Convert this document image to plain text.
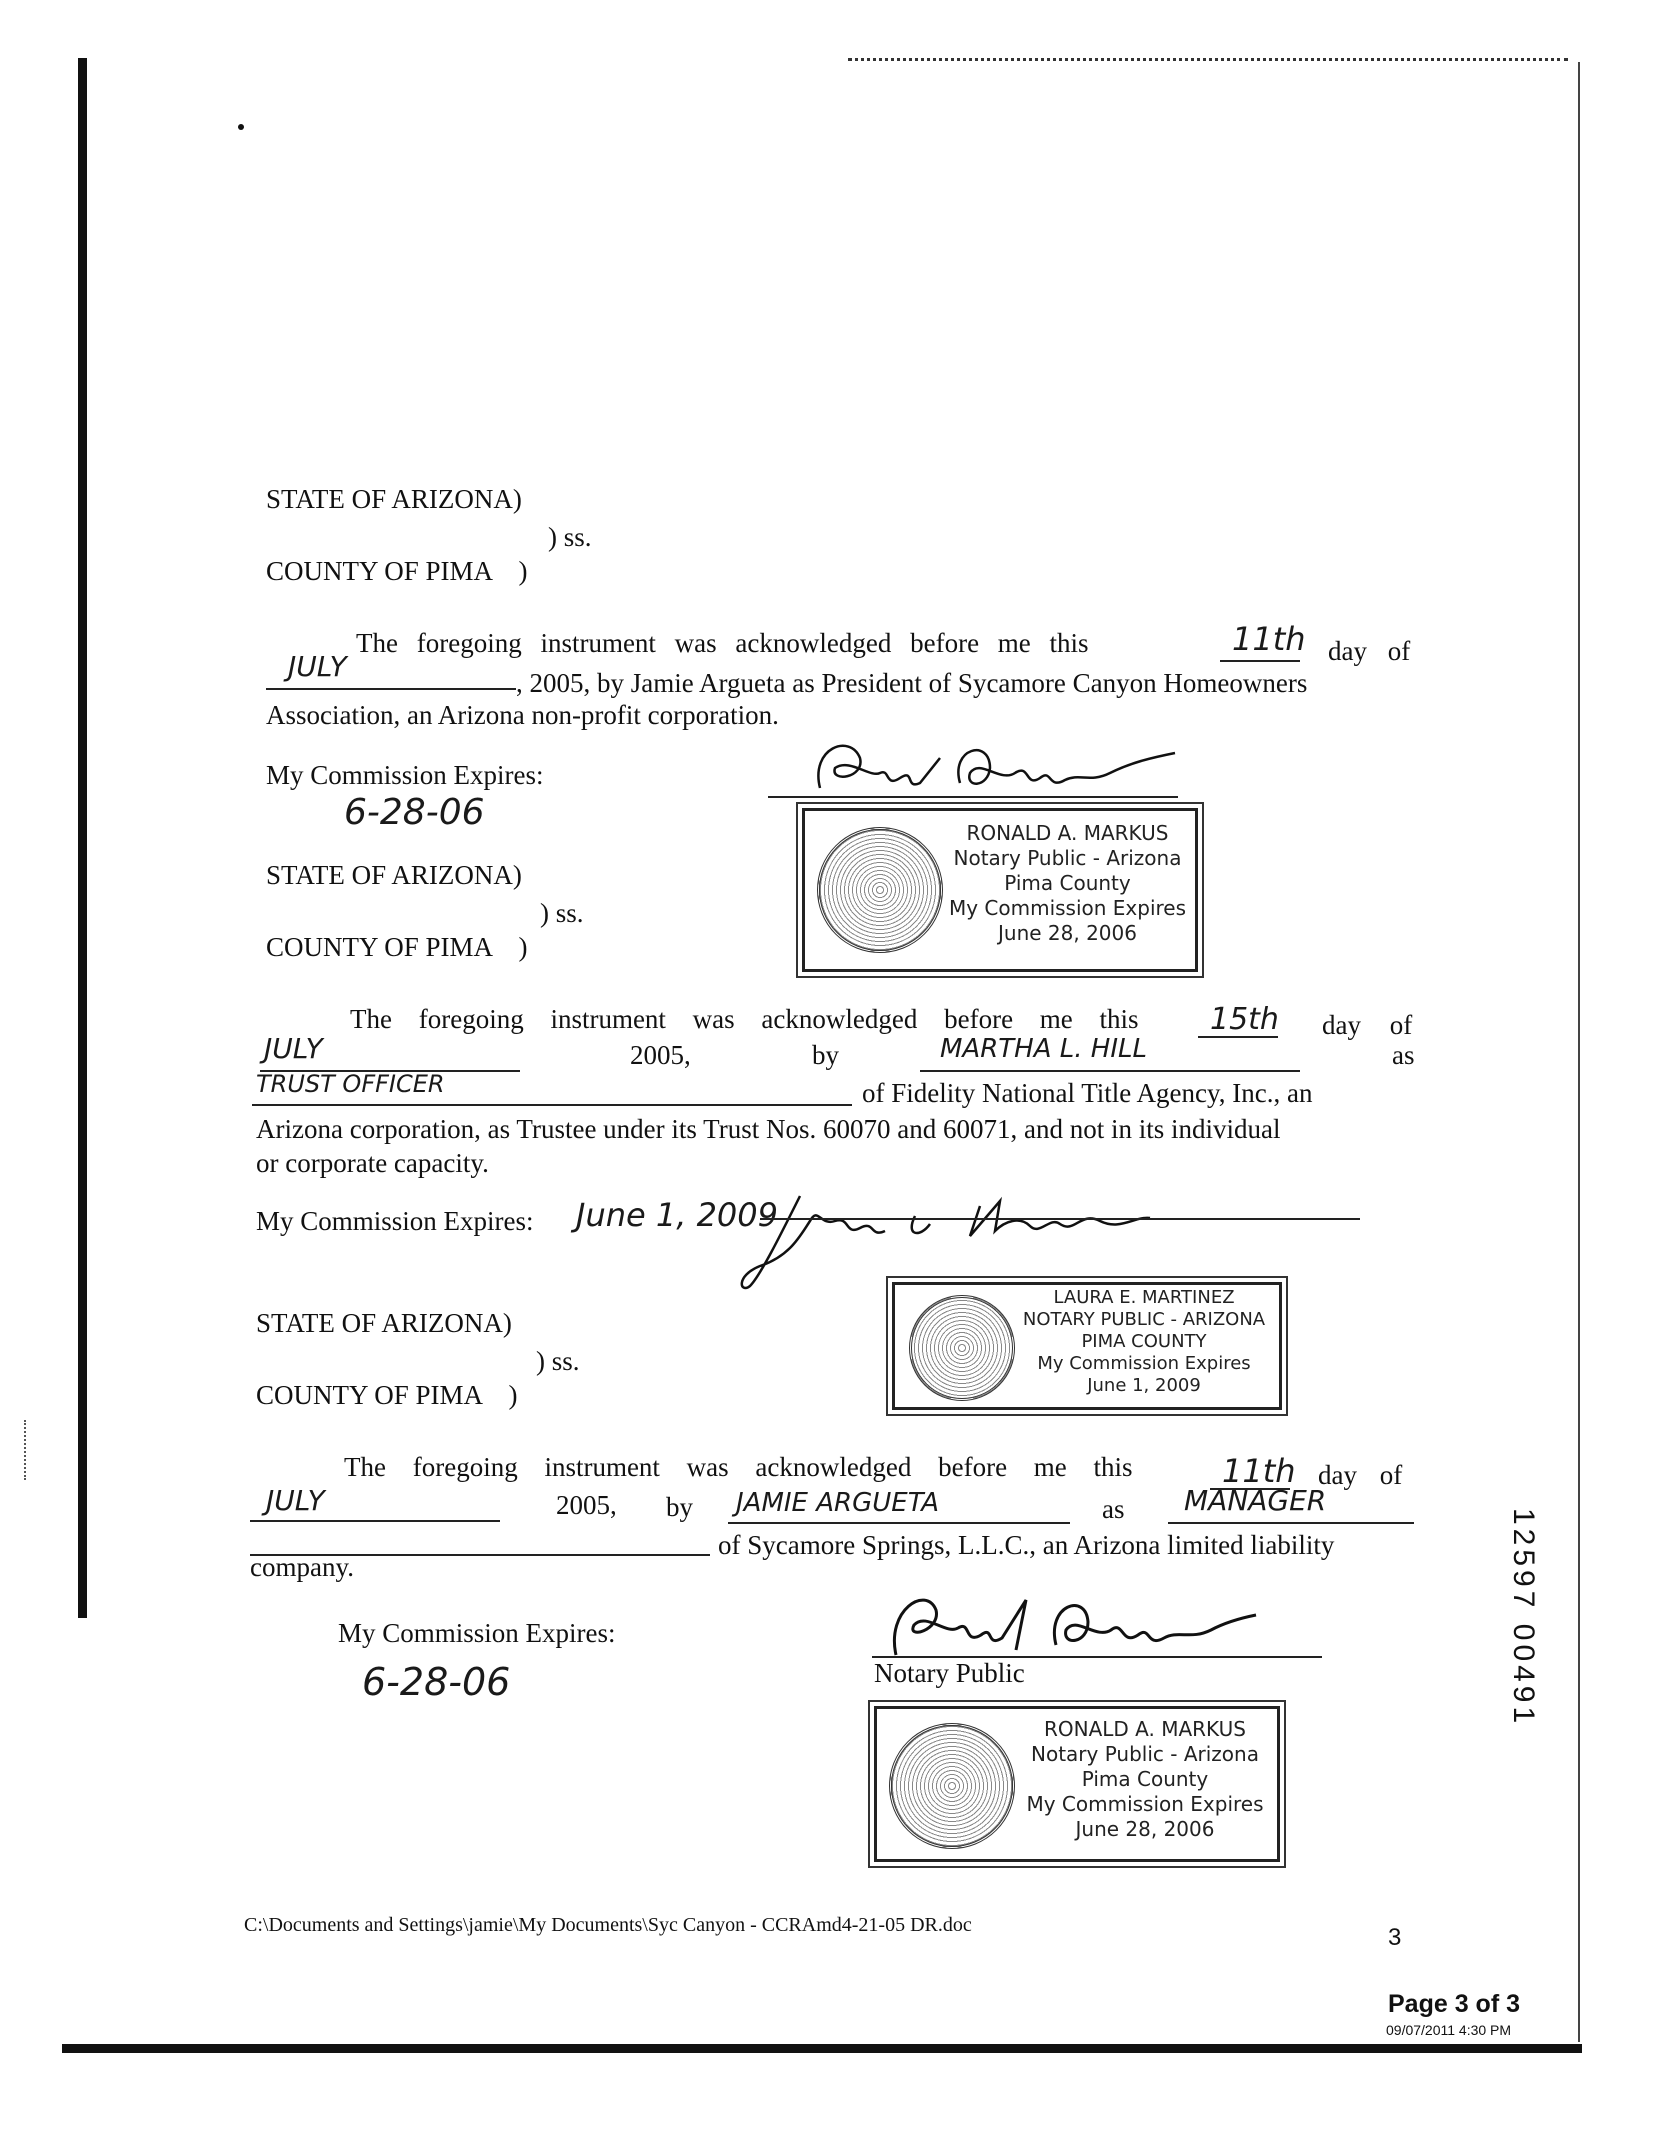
STATE OF ARIZONA)
) ss.
COUNTY OF PIMA    )
The foregoing instrument was acknowledged before me this	11th day of
JULY	, 2005, by Jamie Argueta as President of Sycamore Canyon Homeowners
Association, an Arizona non-profit corporation.
My Commission Expires:
6-28-06	RONALD A. MARKUS
Notary Public - Arizona
Pima County
My Commission Expires
June 28, 2006
STATE OF ARIZONA)
) ss.
COUNTY OF PIMA    )
The foregoing instrument was acknowledged before me this 15th day of
JULY	2005,	by	MARTHA L. HILL	as
TRUST OFFICER	of Fidelity National Title Agency, Inc., an
Arizona corporation, as Trustee under its Trust Nos. 60070 and 60071, and not in its individual
or corporate capacity.
My Commission Expires: June 1, 2009
LAURA E. MARTINEZ
NOTARY PUBLIC - ARIZONA
PIMA COUNTY
My Commission Expires
June 1, 2009
STATE OF ARIZONA)
) ss.
COUNTY OF PIMA    )
The foregoing instrument was acknowledged before me this	11th day of
JULY	2005, by JAMIE ARGUETA	as MANAGER
of Sycamore Springs, L.L.C., an Arizona limited liability
company.
My Commission Expires:
6-28-06	Notary Public
RONALD A. MARKUS
Notary Public - Arizona
Pima County
My Commission Expires
June 28, 2006
12597 00491
C:\Documents and Settings\jamie\My Documents\Syc Canyon - CCRAmd4-21-05 DR.doc	3
Page 3 of 3
09/07/2011 4:30 PM
